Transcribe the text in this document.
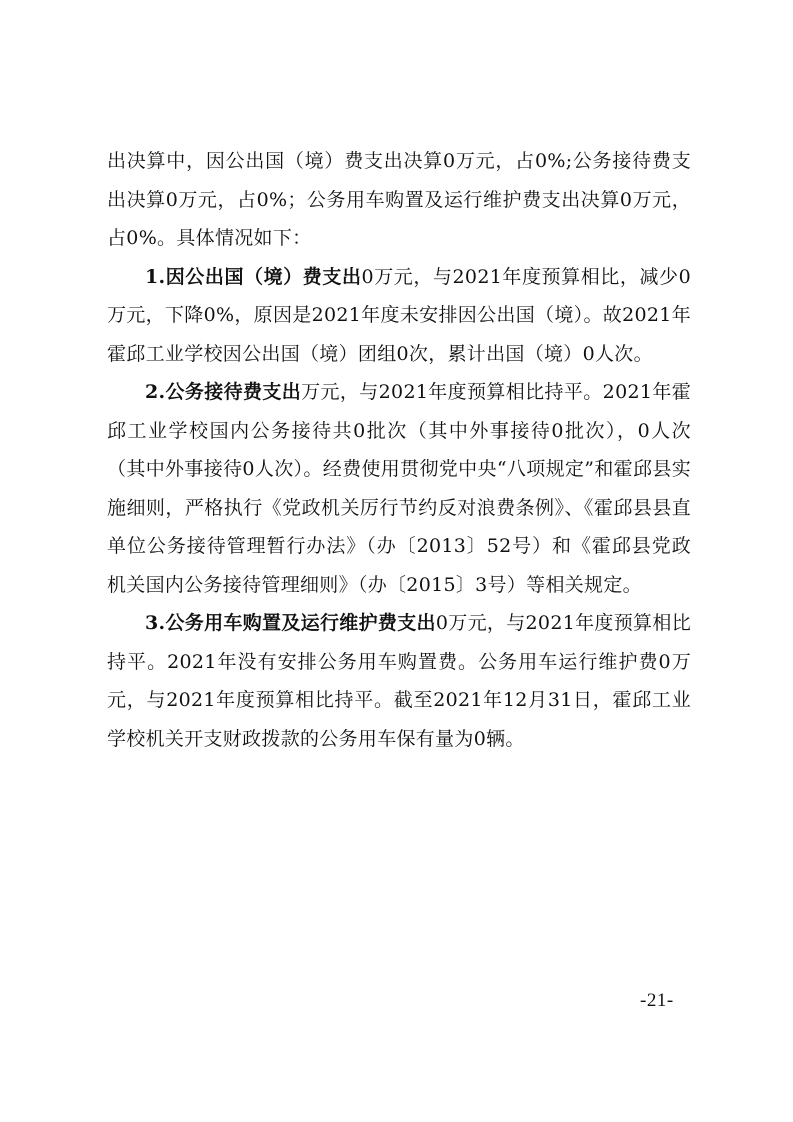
出决算中，因公出国（境）费支出决算0万元，占0%;公务接待费支出决算0万元，占0%；公务用车购置及运行维护费支出决算0万元，占0%。具体情况如下：

1.因公出国（境）费支出0万元，与2021年度预算相比，减少0万元，下降0%，原因是2021年度未安排因公出国（境）。故2021年霍邱工业学校因公出国（境）团组0次，累计出国（境）0人次。

2.公务接待费支出万元，与2021年度预算相比持平。2021年霍邱工业学校国内公务接待共0批次（其中外事接待0批次），0人次（其中外事接待0人次）。经费使用贯彻党中央“八项规定”和霍邱县实施细则，严格执行《党政机关厉行节约反对浪费条例》、《霍邱县县直单位公务接待管理暂行办法》（办〔2013〕52号）和《霍邱县党政机关国内公务接待管理细则》（办〔2015〕3号）等相关规定。

3.公务用车购置及运行维护费支出0万元，与2021年度预算相比持平。2021年没有安排公务用车购置费。公务用车运行维护费0万元，与2021年度预算相比持平。截至2021年12月31日，霍邱工业学校机关开支财政拨款的公务用车保有量为0辆。

-21-
